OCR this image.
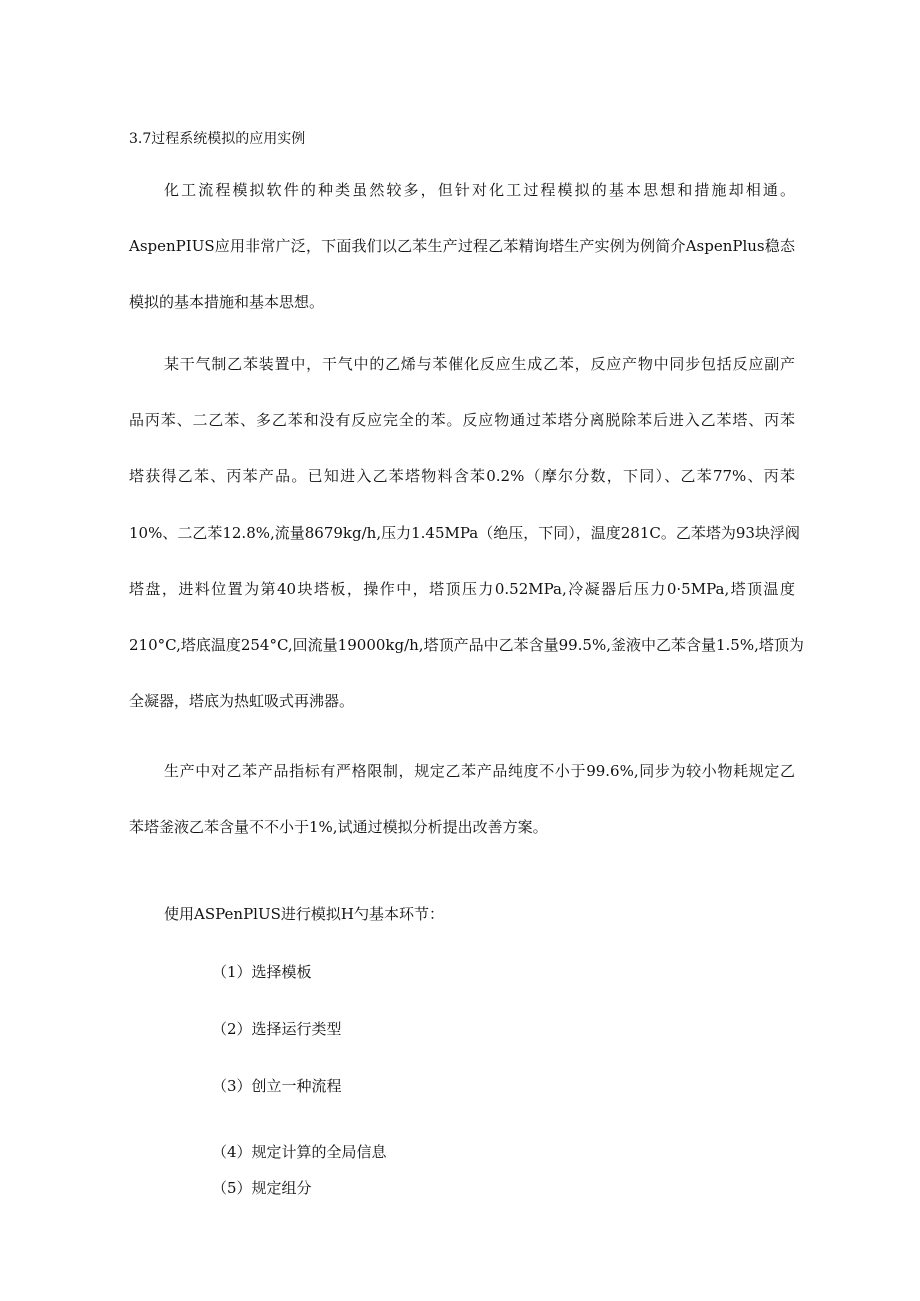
3.7过程系统模拟的应用实例
化工流程模拟软件的种类虽然较多，但针对化工过程模拟的基本思想和措施却相通。
AspenPIUS应用非常广泛，下面我们以乙苯生产过程乙苯精询塔生产实例为例简介AspenPlus稳态
模拟的基本措施和基本思想。
某干气制乙苯装置中，干气中的乙烯与苯催化反应生成乙苯，反应产物中同步包括反应副产
品丙苯、二乙苯、多乙苯和没有反应完全的苯。反应物通过苯塔分离脱除苯后进入乙苯塔、丙苯
塔获得乙苯、丙苯产品。已知进入乙苯塔物料含苯0.2%（摩尔分数，下同）、乙苯77%、丙苯
10%、二乙苯12.8%,流量8679kg/h,压力1.45MPa（绝压，下同），温度281C。乙苯塔为93块浮阀
塔盘，进料位置为第40块塔板，操作中，塔顶压力0.52MPa,冷凝器后压力0·5MPa,塔顶温度
210°C,塔底温度254°C,回流量19000kg/h,塔顶产品中乙苯含量99.5%,釜液中乙苯含量1.5%,塔顶为
全凝器，塔底为热虹吸式再沸器。
生产中对乙苯产品指标有严格限制，规定乙苯产品纯度不小于99.6%,同步为较小物耗规定乙
苯塔釜液乙苯含量不不小于1%,试通过模拟分析提出改善方案。
使用ASPenPlUS进行模拟H勺基本环节：
（1）选择模板
（2）选择运行类型
（3）创立一种流程
（4）规定计算的全局信息
（5）规定组分
